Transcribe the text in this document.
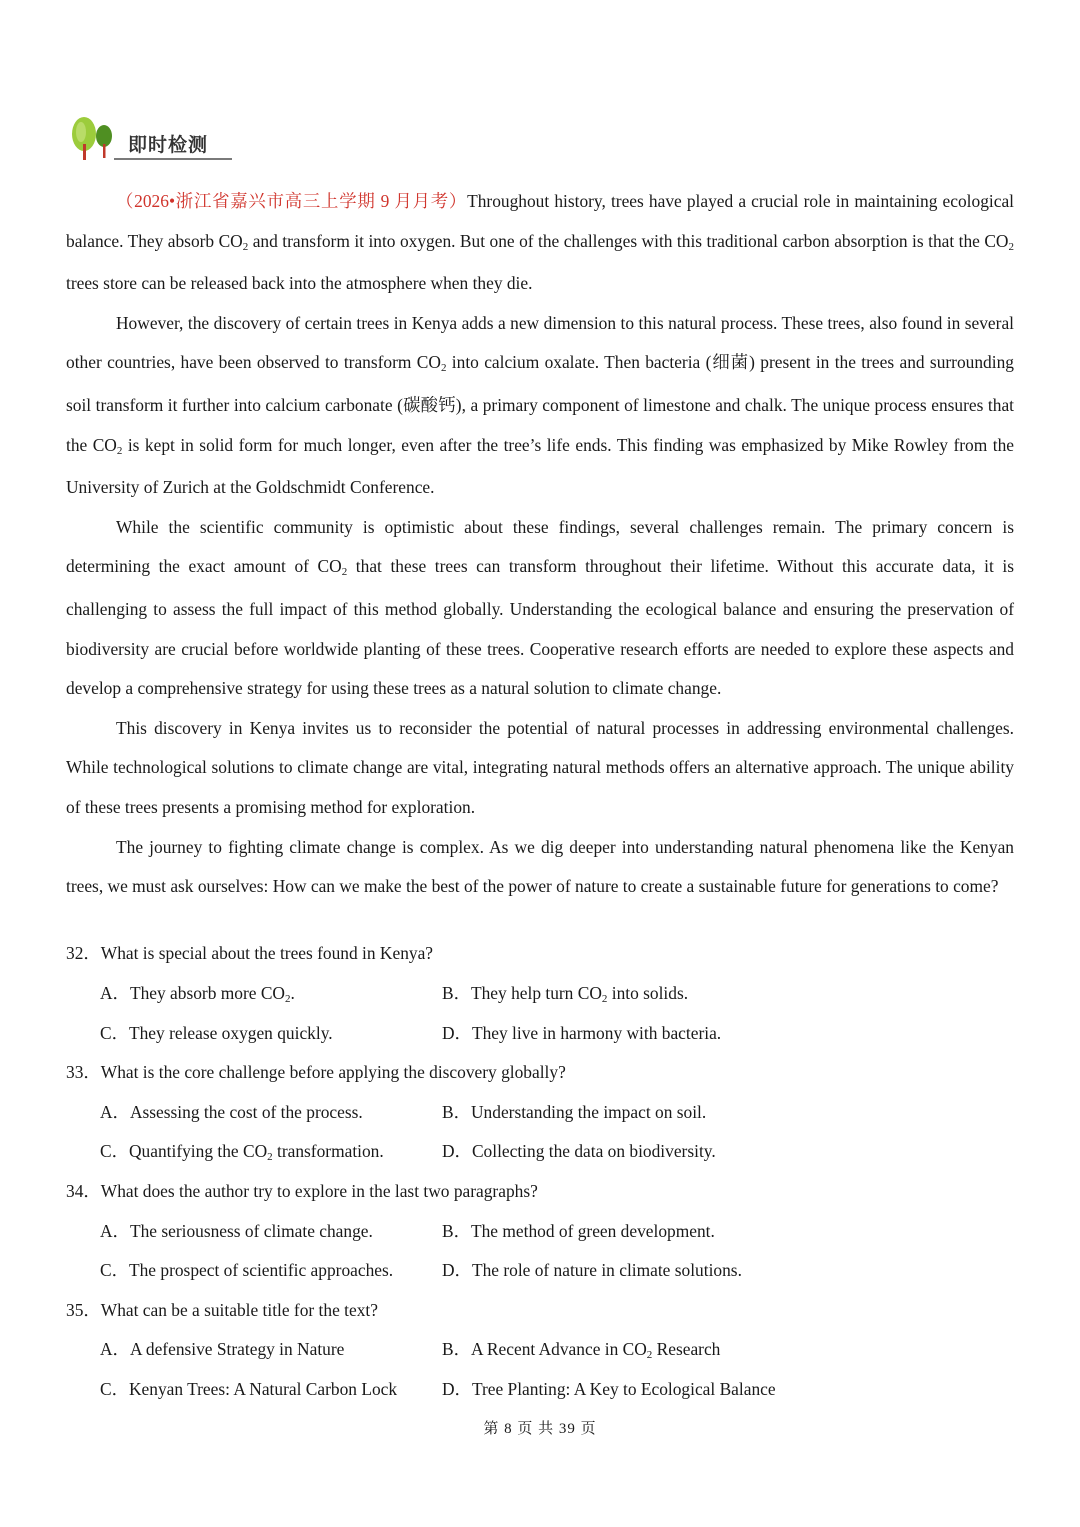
即时检测

（2026•浙江省嘉兴市高三上学期 9 月月考）Throughout history, trees have played a crucial role in maintaining ecological balance. They absorb $CO_2$ and transform it into oxygen. But one of the challenges with this traditional carbon absorption is that the $CO_2$ trees store can be released back into the atmosphere when they die.

However, the discovery of certain trees in Kenya adds a new dimension to this natural process. These trees, also found in several other countries, have been observed to transform $CO_2$ into calcium oxalate. Then bacteria (细菌) present in the trees and surrounding soil transform it further into calcium carbonate (碳酸钙), a primary component of limestone and chalk. The unique process ensures that the $CO_2$ is kept in solid form for much longer, even after the tree’s life ends. This finding was emphasized by Mike Rowley from the University of Zurich at the Goldschmidt Conference.

While the scientific community is optimistic about these findings, several challenges remain. The primary concern is determining the exact amount of $CO_2$ that these trees can transform throughout their lifetime. Without this accurate data, it is challenging to assess the full impact of this method globally. Understanding the ecological balance and ensuring the preservation of biodiversity are crucial before worldwide planting of these trees. Cooperative research efforts are needed to explore these aspects and develop a comprehensive strategy for using these trees as a natural solution to climate change.

This discovery in Kenya invites us to reconsider the potential of natural processes in addressing environmental challenges. While technological solutions to climate change are vital, integrating natural methods offers an alternative approach. The unique ability of these trees presents a promising method for exploration.

The journey to fighting climate change is complex. As we dig deeper into understanding natural phenomena like the Kenyan trees, we must ask ourselves: How can we make the best of the power of nature to create a sustainable future for generations to come?

32．What is special about the trees found in Kenya?
A．They absorb more $CO_2$.	B．They help turn $CO_2$ into solids.
C．They release oxygen quickly.	D．They live in harmony with bacteria.
33．What is the core challenge before applying the discovery globally?
A．Assessing the cost of the process.	B．Understanding the impact on soil.
C．Quantifying the $CO_2$ transformation.	D．Collecting the data on biodiversity.
34．What does the author try to explore in the last two paragraphs?
A．The seriousness of climate change.	B．The method of green development.
C．The prospect of scientific approaches.	D．The role of nature in climate solutions.
35．What can be a suitable title for the text?
A．A defensive Strategy in Nature	B．A Recent Advance in $CO_2$ Research
C．Kenyan Trees: A Natural Carbon Lock	D．Tree Planting: A Key to Ecological Balance
第 8 页 共 39 页
